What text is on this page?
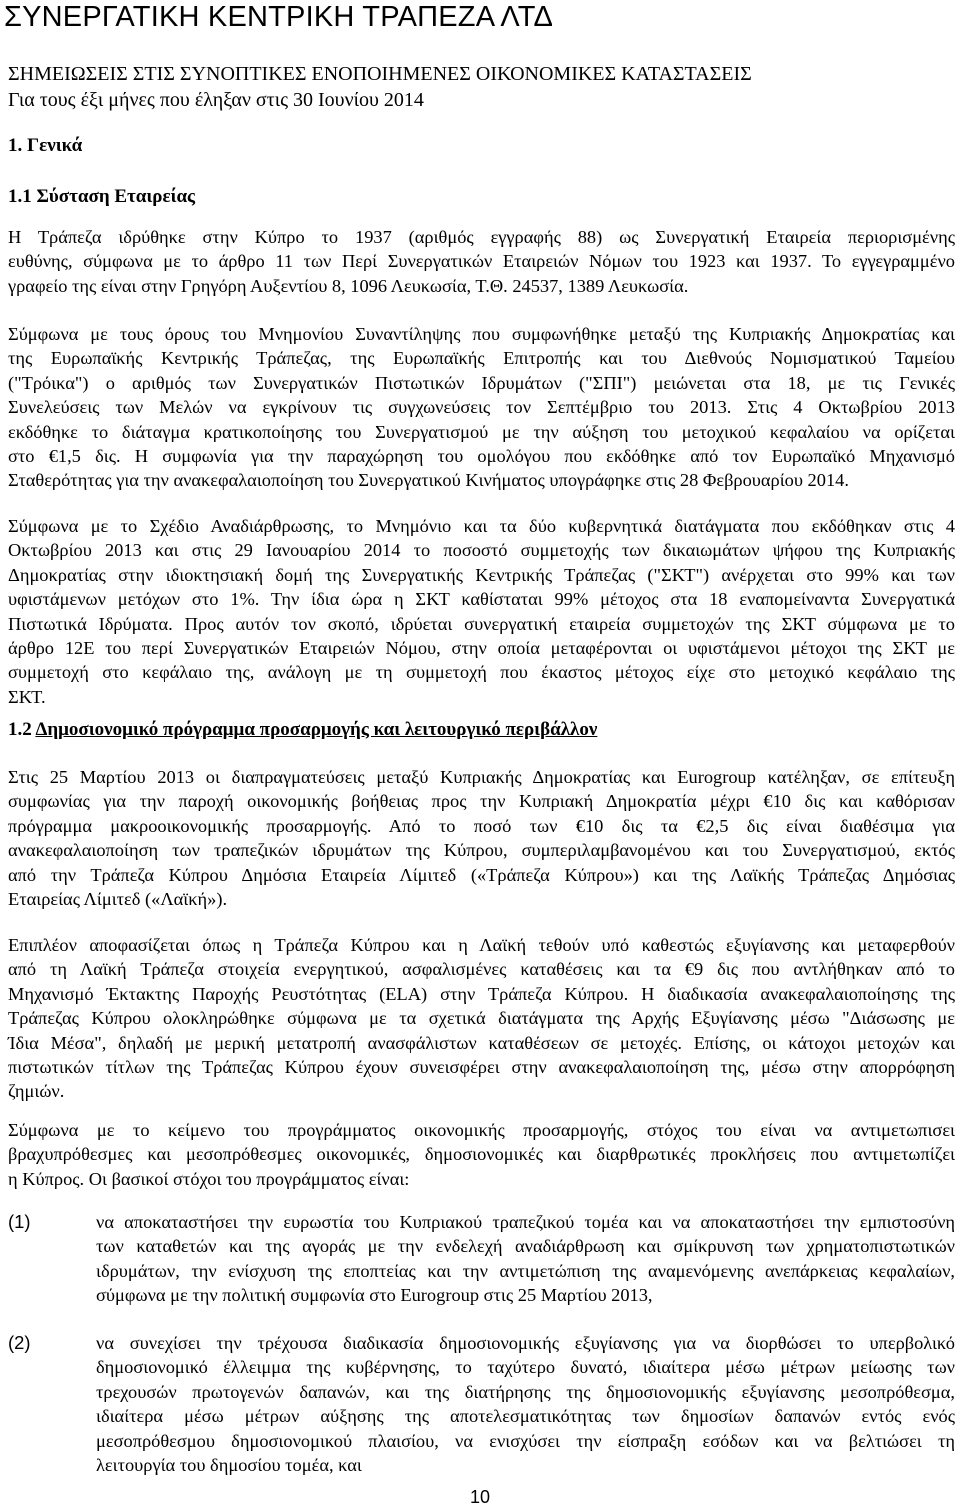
ΣΥΝΕΡΓΑΤΙΚΗ ΚΕΝΤΡΙΚΗ ΤΡΑΠΕΖΑ ΛΤΔ
ΣΗΜΕΙΩΣΕΙΣ ΣΤΙΣ ΣΥΝΟΠΤΙΚΕΣ ΕΝΟΠΟΙΗΜΕΝΕΣ ΟΙΚΟΝΟΜΙΚΕΣ ΚΑΤΑΣΤΑΣΕΙΣ
Για τους έξι μήνες που έληξαν στις 30 Ιουνίου 2014
1. Γενικά
1.1 Σύσταση Εταιρείας
Η Τράπεζα ιδρύθηκε στην Κύπρο το 1937 (αριθμός εγγραφής 88) ως Συνεργατική Εταιρεία περιορισμένης
ευθύνης, σύμφωνα με το άρθρο 11 των Περί Συνεργατικών Εταιρειών Νόμων του 1923 και 1937. Το εγγεγραμμένο
γραφείο της είναι στην Γρηγόρη Αυξεντίου 8, 1096 Λευκωσία, Τ.Θ. 24537, 1389 Λευκωσία.
Σύμφωνα με τους όρους του Μνημονίου Συναντίληψης που συμφωνήθηκε μεταξύ της Κυπριακής Δημοκρατίας και
της Ευρωπαϊκής Κεντρικής Τράπεζας, της Ευρωπαϊκής Επιτροπής και του Διεθνούς Νομισματικού Ταμείου
("Τρόικα") ο αριθμός των Συνεργατικών Πιστωτικών Ιδρυμάτων ("ΣΠΙ") μειώνεται στα 18, με τις Γενικές
Συνελεύσεις των Μελών να εγκρίνουν τις συγχωνεύσεις τον Σεπτέμβριο του 2013. Στις 4 Οκτωβρίου 2013
εκδόθηκε το διάταγμα κρατικοποίησης του Συνεργατισμού με την αύξηση του μετοχικού κεφαλαίου να ορίζεται
στο €1,5 δις. Η συμφωνία για την παραχώρηση του ομολόγου που εκδόθηκε από τον Ευρωπαϊκό Μηχανισμό
Σταθερότητας για την ανακεφαλαιοποίηση του Συνεργατικού Κινήματος υπογράφηκε στις 28 Φεβρουαρίου 2014.
Σύμφωνα με το Σχέδιο Αναδιάρθρωσης, το Μνημόνιο και τα δύο κυβερνητικά διατάγματα που εκδόθηκαν στις 4
Οκτωβρίου 2013 και στις 29 Ιανουαρίου 2014 το ποσοστό συμμετοχής των δικαιωμάτων ψήφου της Κυπριακής
Δημοκρατίας στην ιδιοκτησιακή δομή της Συνεργατικής Κεντρικής Τράπεζας ("ΣΚΤ") ανέρχεται στο 99% και των
υφιστάμενων μετόχων στο 1%. Την ίδια ώρα η ΣΚΤ καθίσταται 99% μέτοχος στα 18 εναπομείναντα Συνεργατικά
Πιστωτικά Ιδρύματα. Προς αυτόν τον σκοπό, ιδρύεται συνεργατική εταιρεία συμμετοχών της ΣΚΤ σύμφωνα με το
άρθρο 12Ε του περί Συνεργατικών Εταιρειών Νόμου, στην οποία μεταφέρονται οι υφιστάμενοι μέτοχοι της ΣΚΤ με
συμμετοχή στο κεφάλαιο της, ανάλογη με τη συμμετοχή που έκαστος μέτοχος είχε στο μετοχικό κεφάλαιο της
ΣΚΤ.
1.2 Δημοσιονομικό πρόγραμμα προσαρμογής και λειτουργικό περιβάλλον
Στις 25 Μαρτίου 2013 οι διαπραγματεύσεις μεταξύ Κυπριακής Δημοκρατίας και Eurogroup κατέληξαν, σε επίτευξη
συμφωνίας για την παροχή οικονομικής βοήθειας προς την Κυπριακή Δημοκρατία μέχρι €10 δις και καθόρισαν
πρόγραμμα μακροοικονομικής προσαρμογής. Από το ποσό των €10 δις τα €2,5 δις είναι διαθέσιμα για
ανακεφαλαιοποίηση των τραπεζικών ιδρυμάτων της Κύπρου, συμπεριλαμβανομένου και του Συνεργατισμού, εκτός
από την Τράπεζα Κύπρου Δημόσια Εταιρεία Λίμιτεδ («Τράπεζα Κύπρου») και της Λαϊκής Τράπεζας Δημόσιας
Εταιρείας Λίμιτεδ («Λαϊκή»).
Επιπλέον αποφασίζεται όπως η Τράπεζα Κύπρου και η Λαϊκή τεθούν υπό καθεστώς εξυγίανσης και μεταφερθούν
από τη Λαϊκή Τράπεζα στοιχεία ενεργητικού, ασφαλισμένες καταθέσεις και τα €9 δις που αντλήθηκαν από το
Μηχανισμό Έκτακτης Παροχής Ρευστότητας (ELA) στην Τράπεζα Κύπρου. Η διαδικασία ανακεφαλαιοποίησης της
Τράπεζας Κύπρου ολοκληρώθηκε σύμφωνα με τα σχετικά διατάγματα της Αρχής Εξυγίανσης μέσω "Διάσωσης με
Ίδια Μέσα", δηλαδή με μερική μετατροπή ανασφάλιστων καταθέσεων σε μετοχές. Επίσης, οι κάτοχοι μετοχών και
πιστωτικών τίτλων της Τράπεζας Κύπρου έχουν συνεισφέρει στην ανακεφαλαιοποίηση της, μέσω στην απορρόφηση
ζημιών.
Σύμφωνα με το κείμενο του προγράμματος οικονομικής προσαρμογής, στόχος του είναι να αντιμετωπισει
βραχυπρόθεσμες και μεσοπρόθεσμες οικονομικές, δημοσιονομικές και διαρθρωτικές προκλήσεις που αντιμετωπίζει
η Κύπρος. Οι βασικοί στόχοι του προγράμματος είναι:
(1)	να αποκαταστήσει την ευρωστία του Κυπριακού τραπεζικού τομέα και να αποκαταστήσει την εμπιστοσύνη
των καταθετών και της αγοράς με την ενδελεχή αναδιάρθρωση και σμίκρυνση των χρηματοπιστωτικών
ιδρυμάτων, την ενίσχυση της εποπτείας και την αντιμετώπιση της αναμενόμενης ανεπάρκειας κεφαλαίων,
σύμφωνα με την πολιτική συμφωνία στο Eurogroup στις 25 Μαρτίου 2013,
(2)	να συνεχίσει την τρέχουσα διαδικασία δημοσιονομικής εξυγίανσης για να διορθώσει το υπερβολικό
δημοσιονομικό έλλειμμα της κυβέρνησης, το ταχύτερο δυνατό, ιδιαίτερα μέσω μέτρων μείωσης των
τρεχουσών πρωτογενών δαπανών, και της διατήρησης της δημοσιονομικής εξυγίανσης μεσοπρόθεσμα,
ιδιαίτερα μέσω μέτρων αύξησης της αποτελεσματικότητας των δημοσίων δαπανών εντός ενός
μεσοπρόθεσμου δημοσιονομικού πλαισίου, να ενισχύσει την είσπραξη εσόδων και να βελτιώσει τη
λειτουργία του δημοσίου τομέα, και
10
